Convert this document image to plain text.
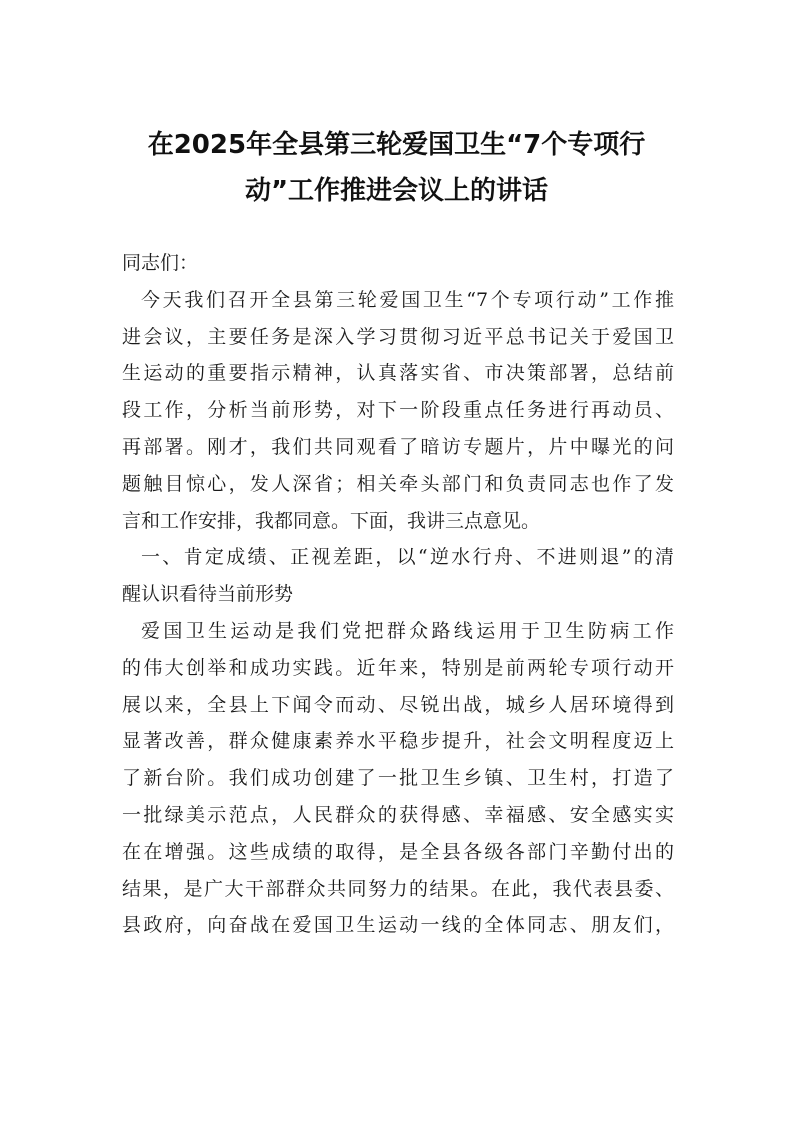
在2025年全县第三轮爱国卫生“7个专项行
动”工作推进会议上的讲话
同志们：
今天我们召开全县第三轮爱国卫生“7个专项行动”工作推
进会议，主要任务是深入学习贯彻习近平总书记关于爱国卫
生运动的重要指示精神，认真落实省、市决策部署，总结前
段工作，分析当前形势，对下一阶段重点任务进行再动员、
再部署。刚才，我们共同观看了暗访专题片，片中曝光的问
题触目惊心，发人深省；相关牵头部门和负责同志也作了发
言和工作安排，我都同意。下面，我讲三点意见。
一、肯定成绩、正视差距，以“逆水行舟、不进则退”的清
醒认识看待当前形势
爱国卫生运动是我们党把群众路线运用于卫生防病工作
的伟大创举和成功实践。近年来，特别是前两轮专项行动开
展以来，全县上下闻令而动、尽锐出战，城乡人居环境得到
显著改善，群众健康素养水平稳步提升，社会文明程度迈上
了新台阶。我们成功创建了一批卫生乡镇、卫生村，打造了
一批绿美示范点，人民群众的获得感、幸福感、安全感实实
在在增强。这些成绩的取得，是全县各级各部门辛勤付出的
结果，是广大干部群众共同努力的结果。在此，我代表县委、
县政府，向奋战在爱国卫生运动一线的全体同志、朋友们，
